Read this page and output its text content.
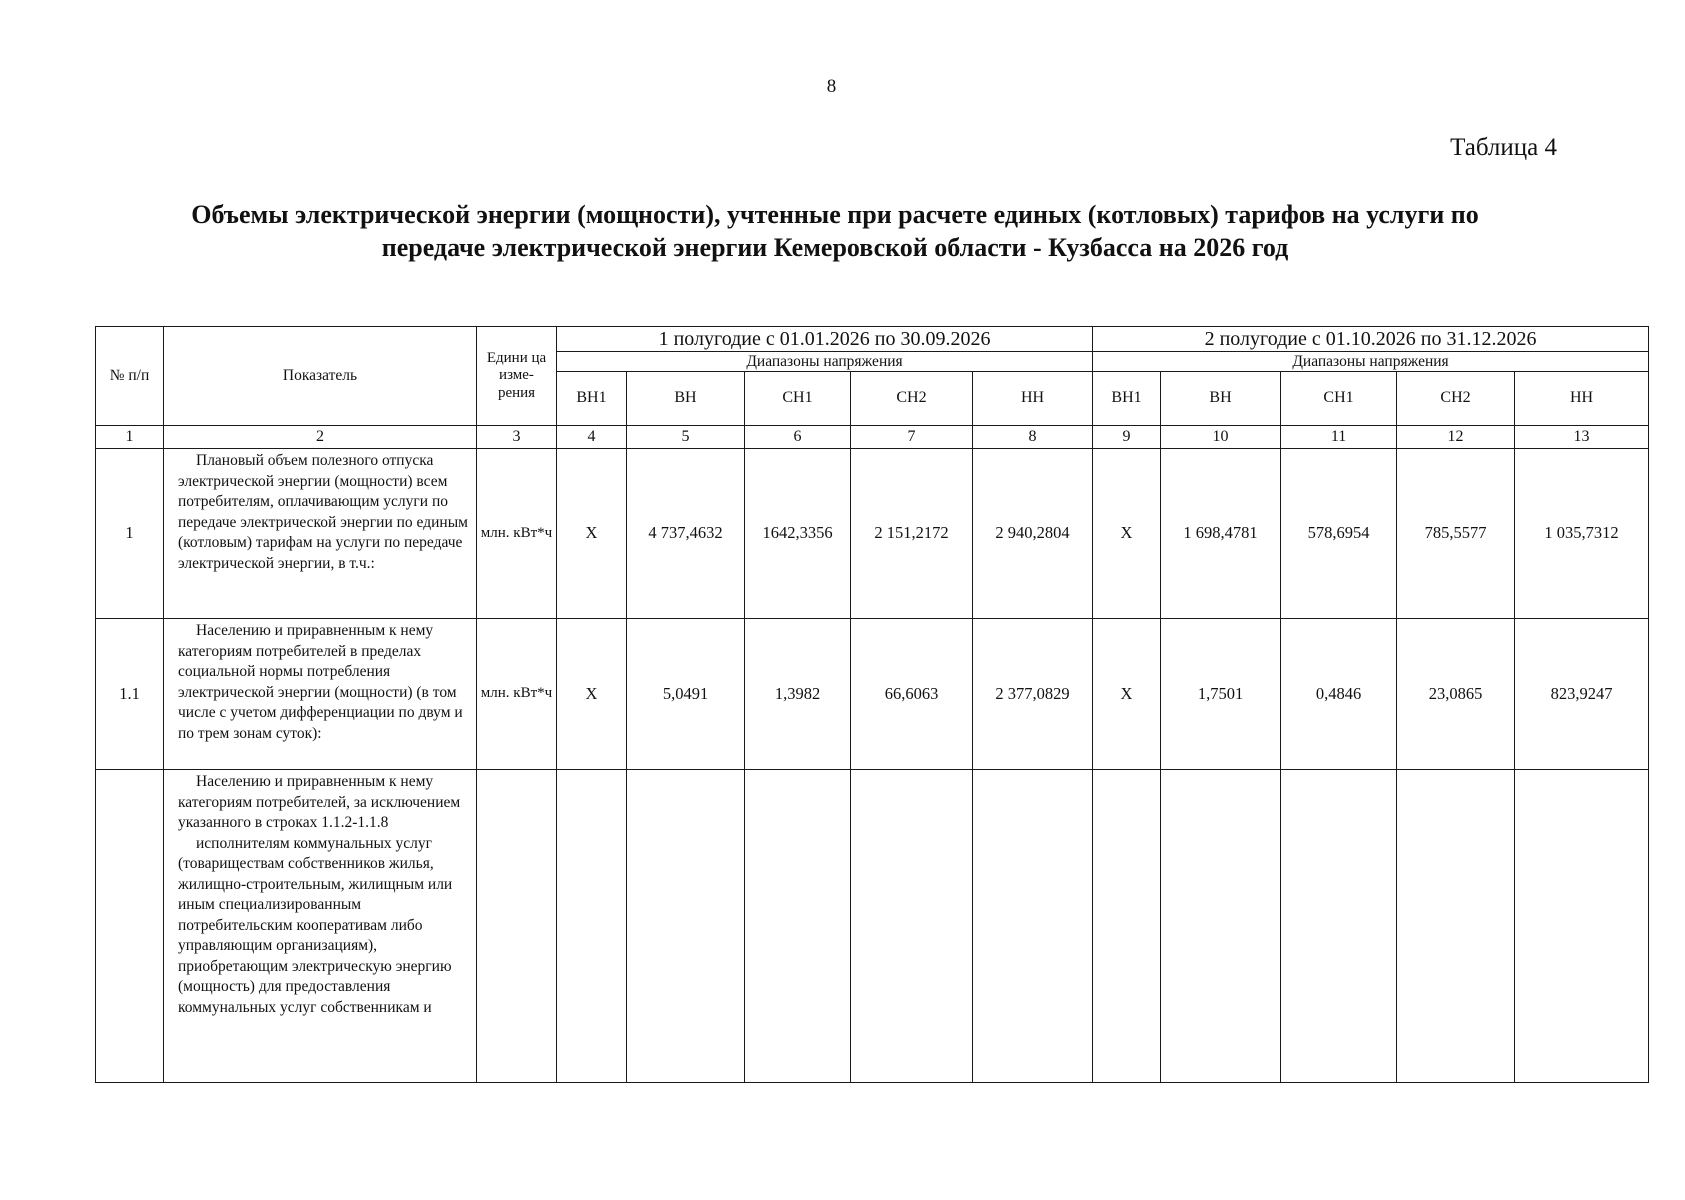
8
Таблица 4
Объемы электрической энергии (мощности), учтенные при расчете единых (котловых) тарифов на услуги по
передаче электрической энергии Кемеровской области - Кузбасса на 2026 год
№ п/п	Показатель	Едини ца изме- рения	1 полугодие с 01.01.2026 по 30.09.2026					2 полугодие с 01.10.2026 по 31.12.2026				
			Диапазоны напряжения					Диапазоны напряжения				
			ВН1	ВН	СН1	СН2	НН	ВН1	ВН	СН1	СН2	НН
1	2	3	4	5	6	7	8	9	10	11	12	13
1	Плановый объем полезного отпуска электрической энергии (мощности) всем потребителям, оплачивающим услуги по передаче электрической энергии по единым (котловым) тарифам на услуги по передаче электрической энергии, в т.ч.:	млн. кВт*ч	X	4 737,4632	1642,3356	2 151,2172	2 940,2804	X	1 698,4781	578,6954	785,5577	1 035,7312
1.1	Населению и приравненным к нему категориям потребителей в пределах социальной нормы потребления электрической энергии (мощности) (в том числе с учетом дифференциации по двум и по трем зонам суток):	млн. кВт*ч	X	5,0491	1,3982	66,6063	2 377,0829	X	1,7501	0,4846	23,0865	823,9247

	Населению и приравненным к нему категориям потребителей, за исключением указанного в строках 1.1.2-1.1.8
исполнителям коммунальных услуг (товариществам собственников жилья, жилищно-строительным, жилищным или иным специализированным потребительским кооперативам либо управляющим организациям), приобретающим электрическую энергию (мощность) для предоставления коммунальных услуг собственникам и											
